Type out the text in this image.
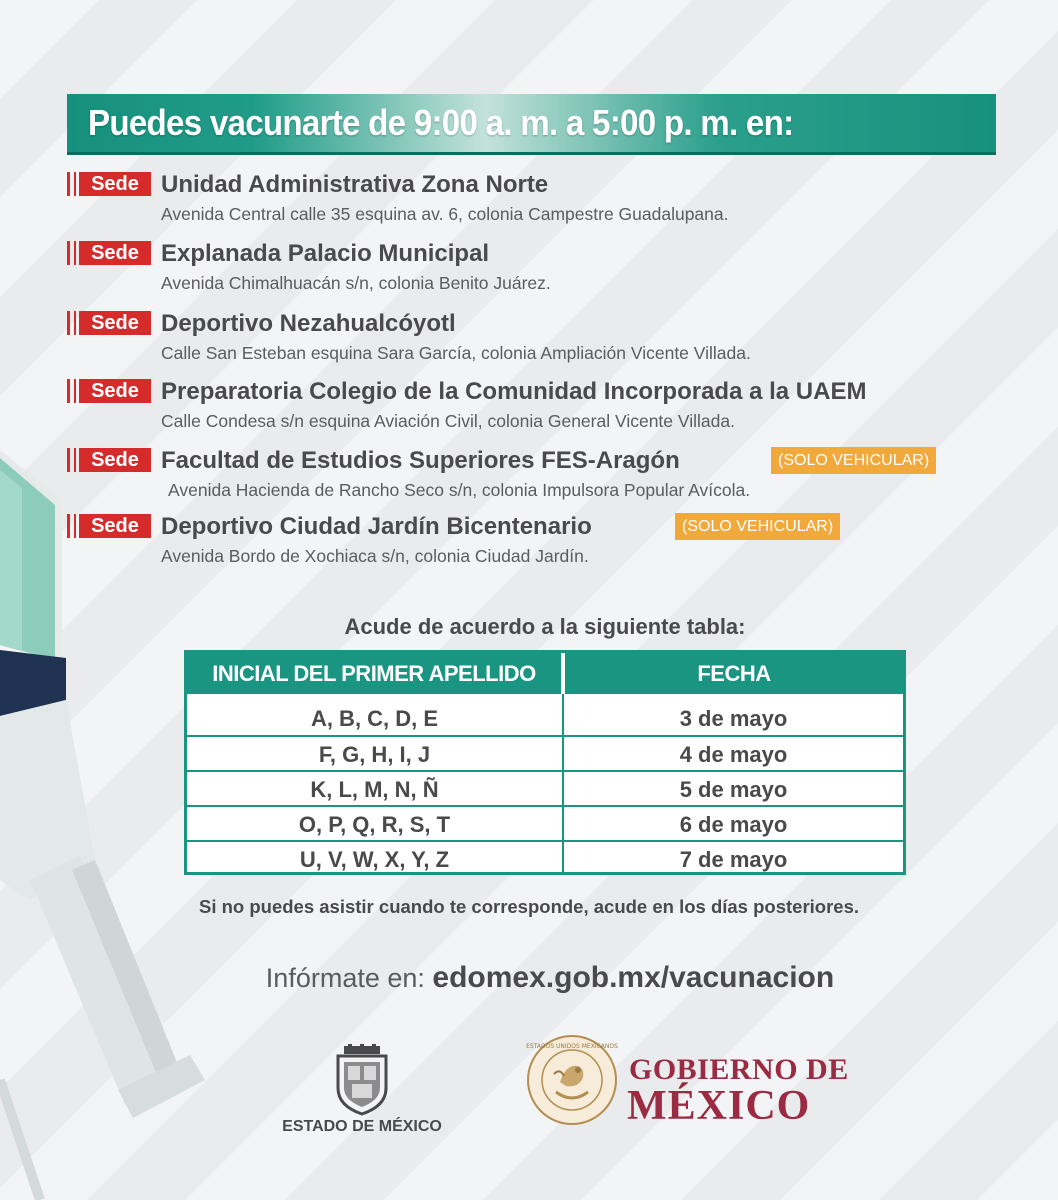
Puedes vacunarte de 9:00 a. m. a 5:00 p. m. en:
Sede Unidad Administrativa Zona Norte
Avenida Central calle 35 esquina av. 6, colonia Campestre Guadalupana.
Sede Explanada Palacio Municipal
Avenida Chimalhuacán s/n, colonia Benito Juárez.
Sede Deportivo Nezahualcóyotl
Calle San Esteban esquina Sara García, colonia Ampliación Vicente Villada.
Sede Preparatoria Colegio de la Comunidad Incorporada a la UAEM
Calle Condesa s/n esquina Aviación Civil, colonia General Vicente Villada.
Sede Facultad de Estudios Superiores FES-Aragón	(SOLO VEHICULAR)
Avenida Hacienda de Rancho Seco s/n, colonia Impulsora Popular Avícola.
Sede Deportivo Ciudad Jardín Bicentenario	(SOLO VEHICULAR)
Avenida Bordo de Xochiaca s/n, colonia Ciudad Jardín.
Acude de acuerdo a la siguiente tabla:
INICIAL DEL PRIMER APELLIDO	FECHA
A, B, C, D, E	3 de mayo
F, G, H, I, J	4 de mayo
K, L, M, N, Ñ	5 de mayo
O, P, Q, R, S, T	6 de mayo
U, V, W, X, Y, Z	7 de mayo
Si no puedes asistir cuando te corresponde, acude en los días posteriores.
Infórmate en: edomex.gob.mx/vacunacion
ESTADO DE MÉXICO
ESTADOS UNIDOS MEXICANOS
GOBIERNO DE
MÉXICO
